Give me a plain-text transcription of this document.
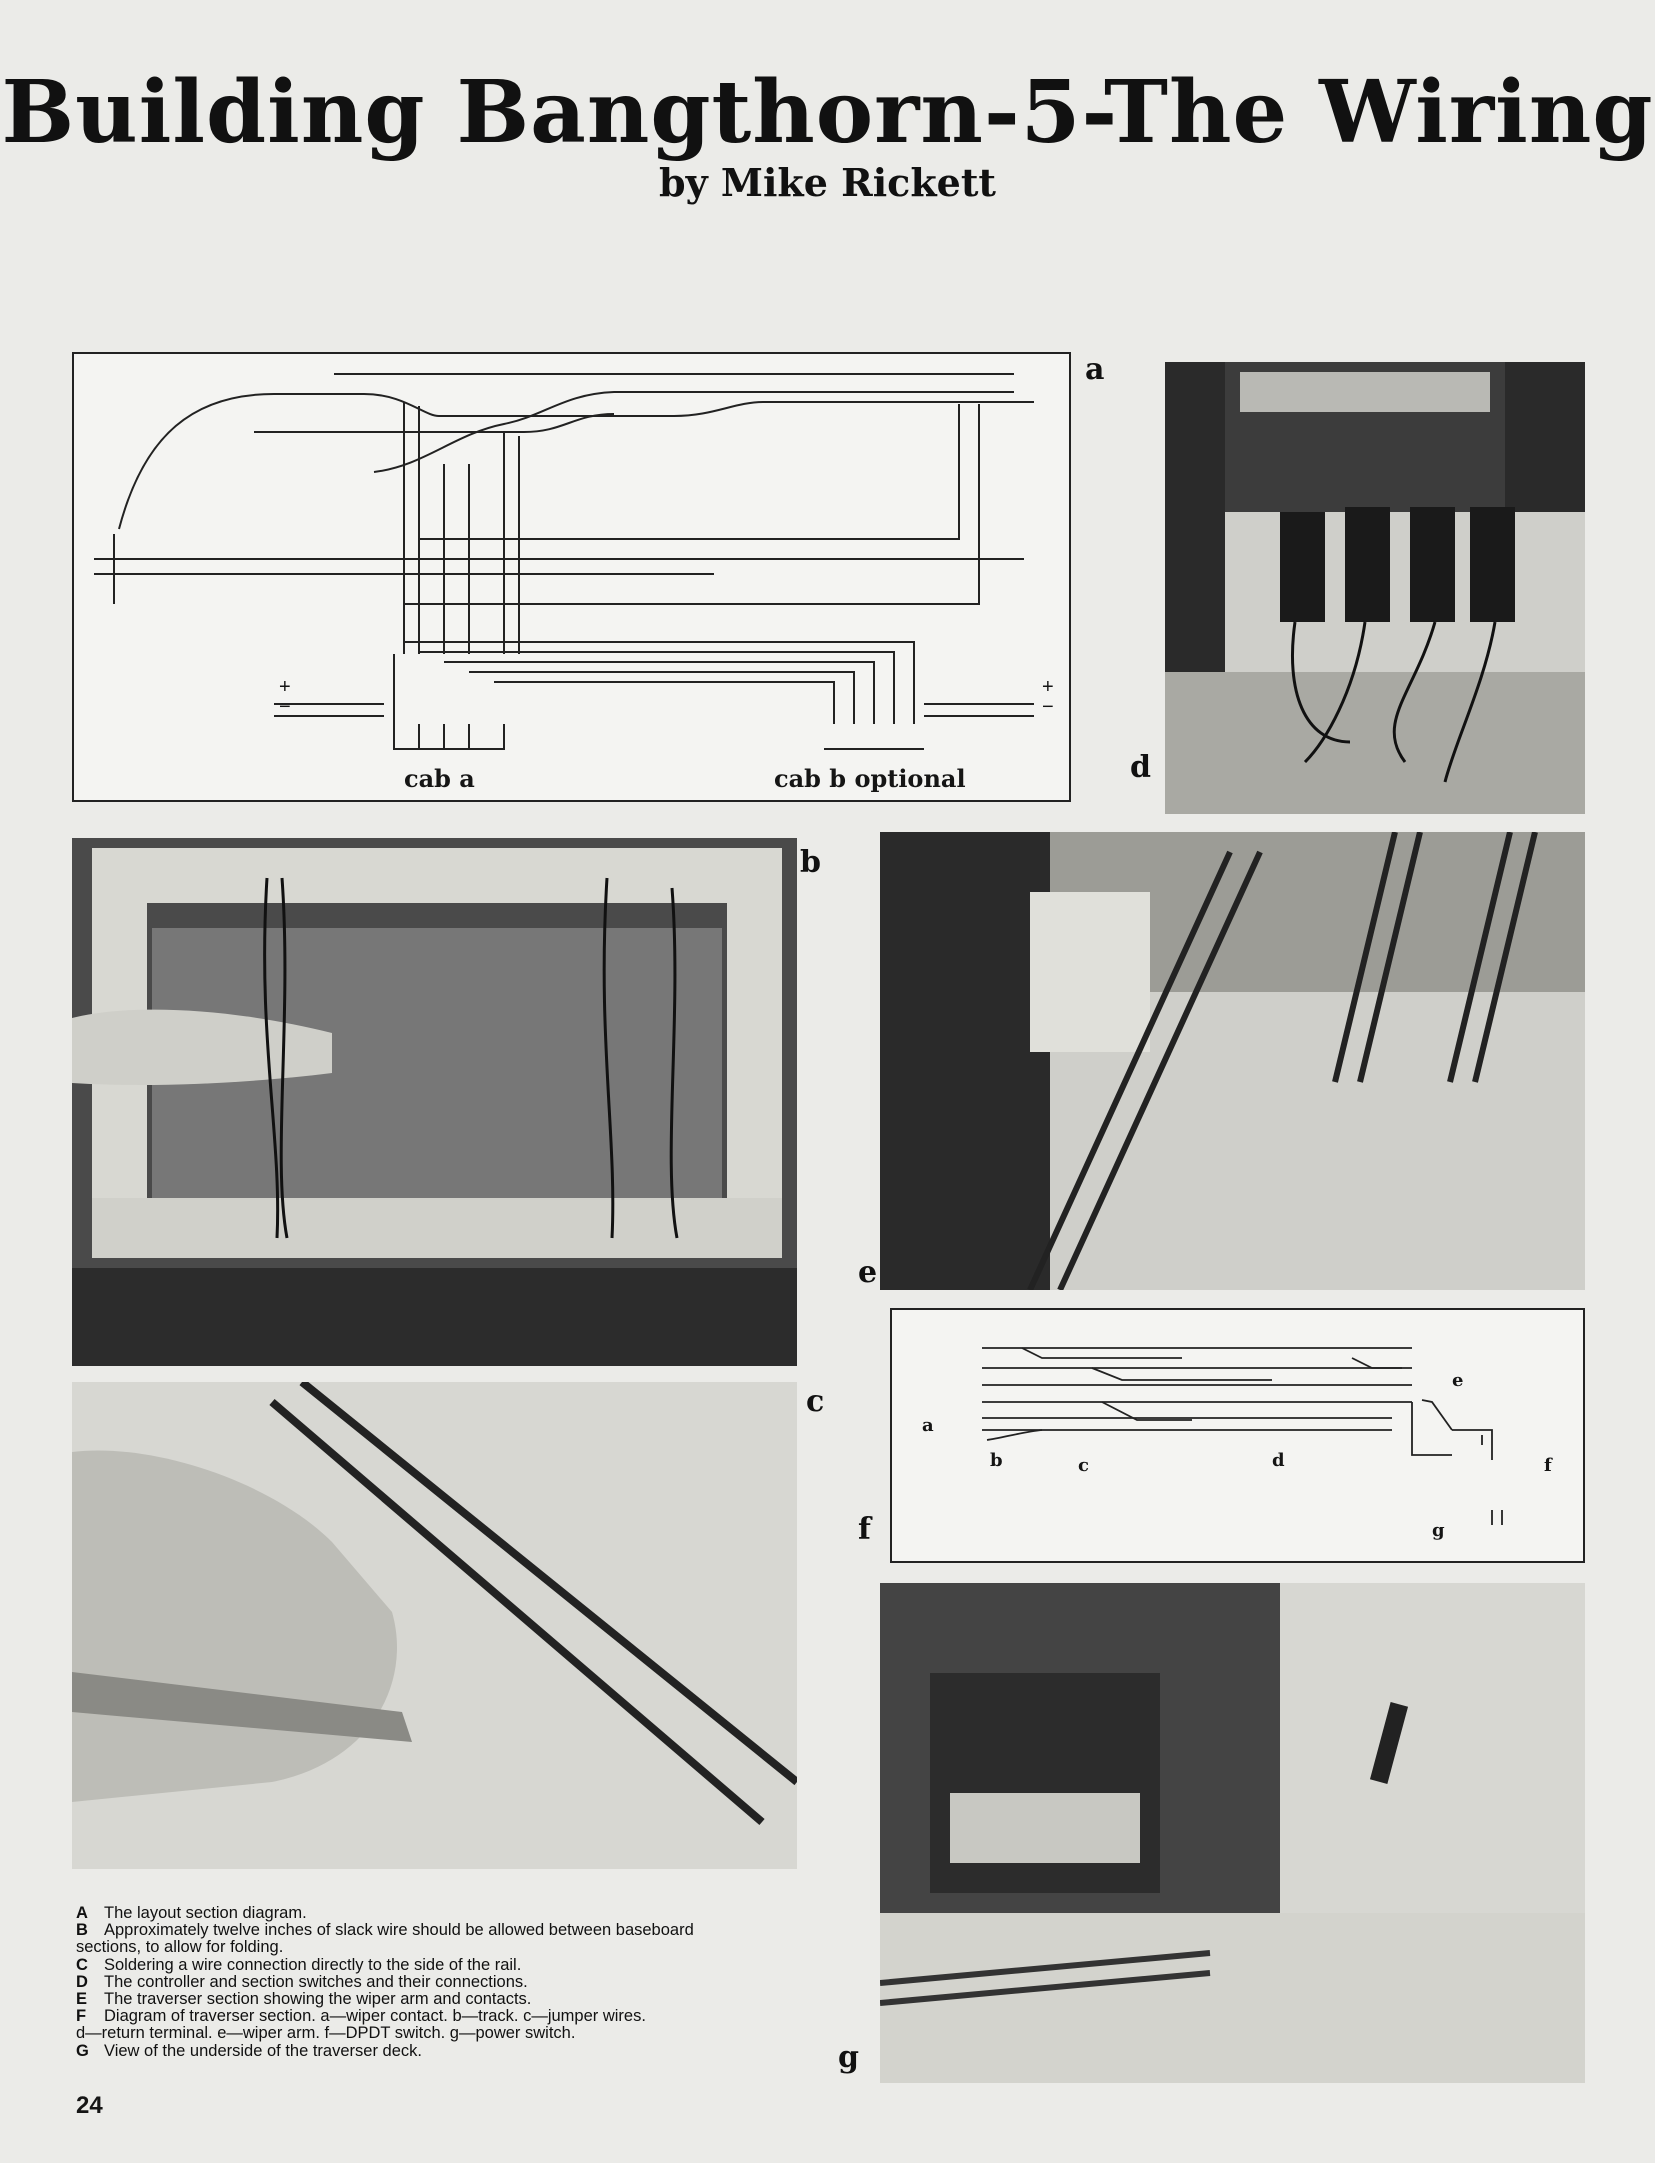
Building Bangthorn-5-The Wiring
by Mike Rickett
+
−
+
−
cab a	cab b optional
a
d
b
e
c
a
b	c	d
e
f
g
f
g
A The layout section diagram.
B Approximately twelve inches of slack wire should be allowed between baseboard
sections, to allow for folding.
C Soldering a wire connection directly to the side of the rail.
D The controller and section switches and their connections.
E The traverser section showing the wiper arm and contacts.
F Diagram of traverser section. a—wiper contact. b—track. c—jumper wires.
d—return terminal. e—wiper arm. f—DPDT switch. g—power switch.
G View of the underside of the traverser deck.
24
